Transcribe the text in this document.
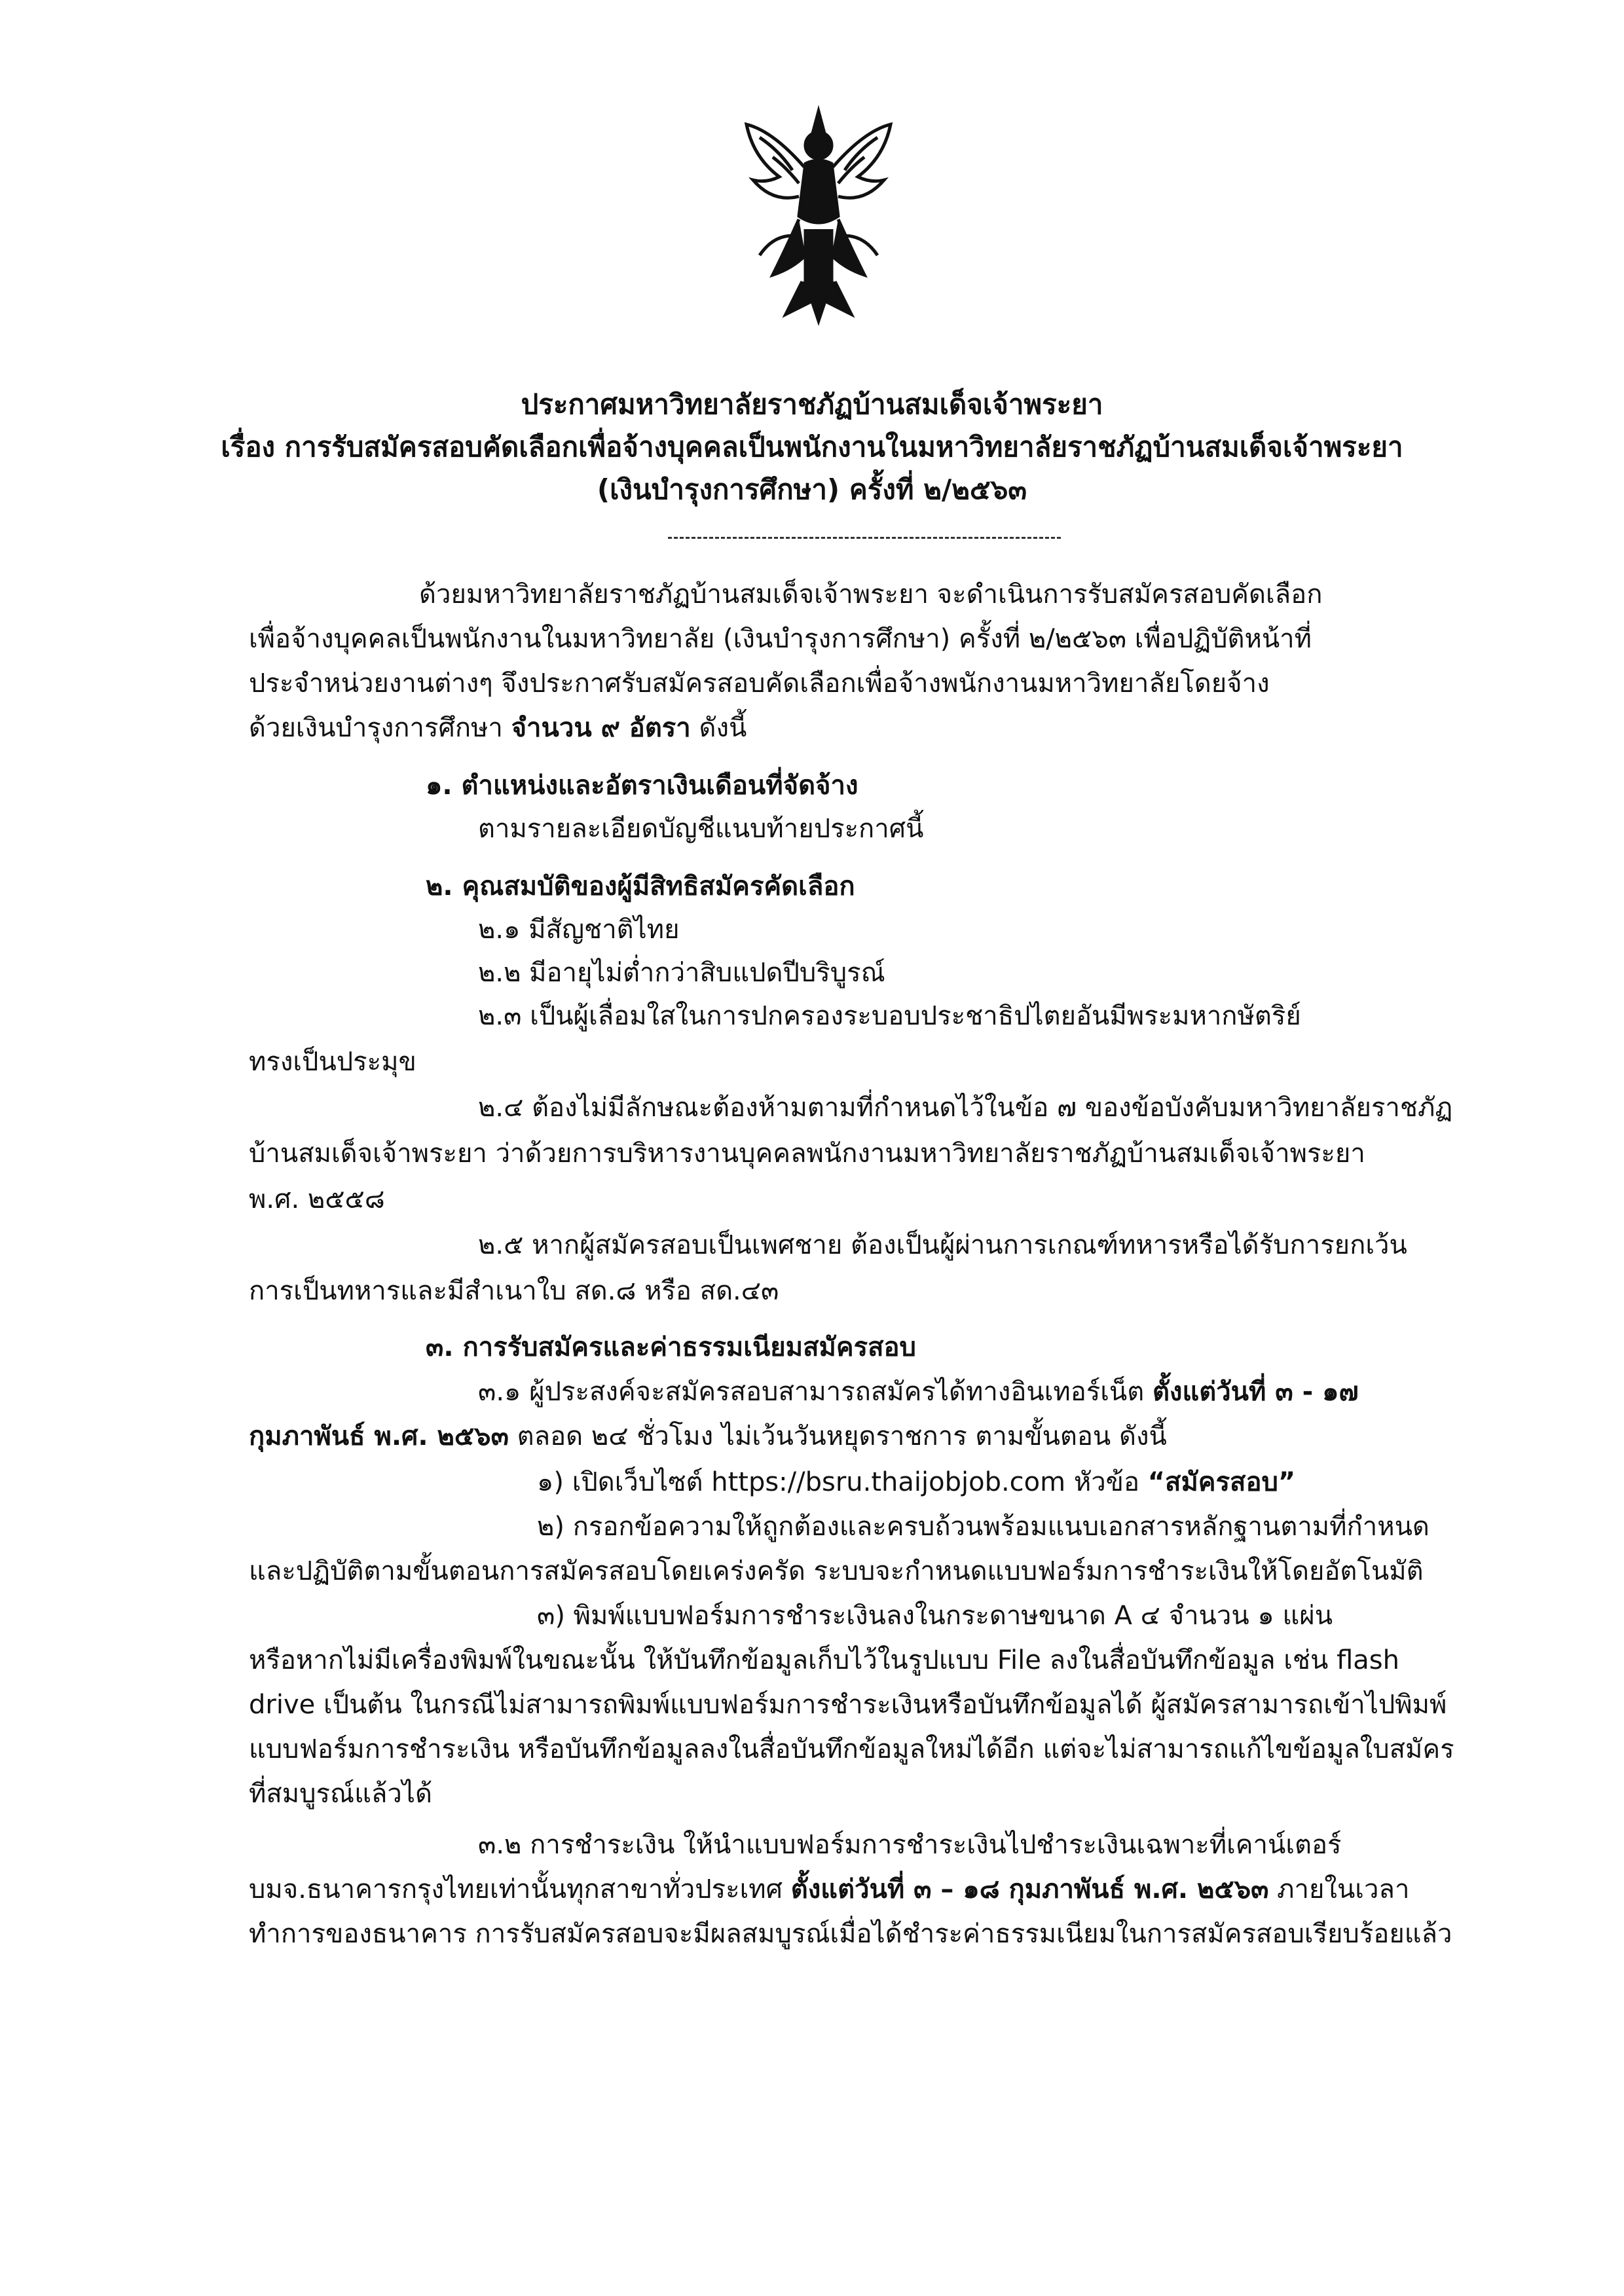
ประกาศมหาวิทยาลัยราชภัฏบ้านสมเด็จเจ้าพระยา
เรื่อง การรับสมัครสอบคัดเลือกเพื่อจ้างบุคคลเป็นพนักงานในมหาวิทยาลัยราชภัฏบ้านสมเด็จเจ้าพระยา
(เงินบำรุงการศึกษา) ครั้งที่ ๒/๒๕๖๓
ด้วยมหาวิทยาลัยราชภัฏบ้านสมเด็จเจ้าพระยา จะดำเนินการรับสมัครสอบคัดเลือก
เพื่อจ้างบุคคลเป็นพนักงานในมหาวิทยาลัย (เงินบำรุงการศึกษา) ครั้งที่ ๒/๒๕๖๓ เพื่อปฏิบัติหน้าที่
ประจำหน่วยงานต่างๆ จึงประกาศรับสมัครสอบคัดเลือกเพื่อจ้างพนักงานมหาวิทยาลัยโดยจ้าง
ด้วยเงินบำรุงการศึกษา จำนวน ๙ อัตรา ดังนี้
๑. ตำแหน่งและอัตราเงินเดือนที่จัดจ้าง
ตามรายละเอียดบัญชีแนบท้ายประกาศนี้
๒. คุณสมบัติของผู้มีสิทธิสมัครคัดเลือก
๒.๑ มีสัญชาติไทย
๒.๒ มีอายุไม่ต่ำกว่าสิบแปดปีบริบูรณ์
๒.๓ เป็นผู้เลื่อมใสในการปกครองระบอบประชาธิปไตยอันมีพระมหากษัตริย์
ทรงเป็นประมุข
๒.๔ ต้องไม่มีลักษณะต้องห้ามตามที่กำหนดไว้ในข้อ ๗ ของข้อบังคับมหาวิทยาลัยราชภัฏ
บ้านสมเด็จเจ้าพระยา ว่าด้วยการบริหารงานบุคคลพนักงานมหาวิทยาลัยราชภัฏบ้านสมเด็จเจ้าพระยา
พ.ศ. ๒๕๕๘
๒.๕ หากผู้สมัครสอบเป็นเพศชาย ต้องเป็นผู้ผ่านการเกณฑ์ทหารหรือได้รับการยกเว้น
การเป็นทหารและมีสำเนาใบ สด.๘ หรือ สด.๔๓
๓. การรับสมัครและค่าธรรมเนียมสมัครสอบ
๓.๑ ผู้ประสงค์จะสมัครสอบสามารถสมัครได้ทางอินเทอร์เน็ต ตั้งแต่วันที่ ๓ - ๑๗
กุมภาพันธ์ พ.ศ. ๒๕๖๓ ตลอด ๒๔ ชั่วโมง ไม่เว้นวันหยุดราชการ ตามขั้นตอน ดังนี้
๑) เปิดเว็บไซต์ https://bsru.thaijobjob.com หัวข้อ “สมัครสอบ”
๒) กรอกข้อความให้ถูกต้องและครบถ้วนพร้อมแนบเอกสารหลักฐานตามที่กำหนด
และปฏิบัติตามขั้นตอนการสมัครสอบโดยเคร่งครัด ระบบจะกำหนดแบบฟอร์มการชำระเงินให้โดยอัตโนมัติ
๓) พิมพ์แบบฟอร์มการชำระเงินลงในกระดาษขนาด A ๔ จำนวน ๑ แผ่น
หรือหากไม่มีเครื่องพิมพ์ในขณะนั้น ให้บันทึกข้อมูลเก็บไว้ในรูปแบบ File ลงในสื่อบันทึกข้อมูล เช่น flash
drive เป็นต้น ในกรณีไม่สามารถพิมพ์แบบฟอร์มการชำระเงินหรือบันทึกข้อมูลได้ ผู้สมัครสามารถเข้าไปพิมพ์
แบบฟอร์มการชำระเงิน หรือบันทึกข้อมูลลงในสื่อบันทึกข้อมูลใหม่ได้อีก แต่จะไม่สามารถแก้ไขข้อมูลใบสมัคร
ที่สมบูรณ์แล้วได้
๓.๒ การชำระเงิน ให้นำแบบฟอร์มการชำระเงินไปชำระเงินเฉพาะที่เคาน์เตอร์
บมจ.ธนาคารกรุงไทยเท่านั้นทุกสาขาทั่วประเทศ ตั้งแต่วันที่ ๓ – ๑๘ กุมภาพันธ์ พ.ศ. ๒๕๖๓ ภายในเวลา
ทำการของธนาคาร การรับสมัครสอบจะมีผลสมบูรณ์เมื่อได้ชำระค่าธรรมเนียมในการสมัครสอบเรียบร้อยแล้ว
